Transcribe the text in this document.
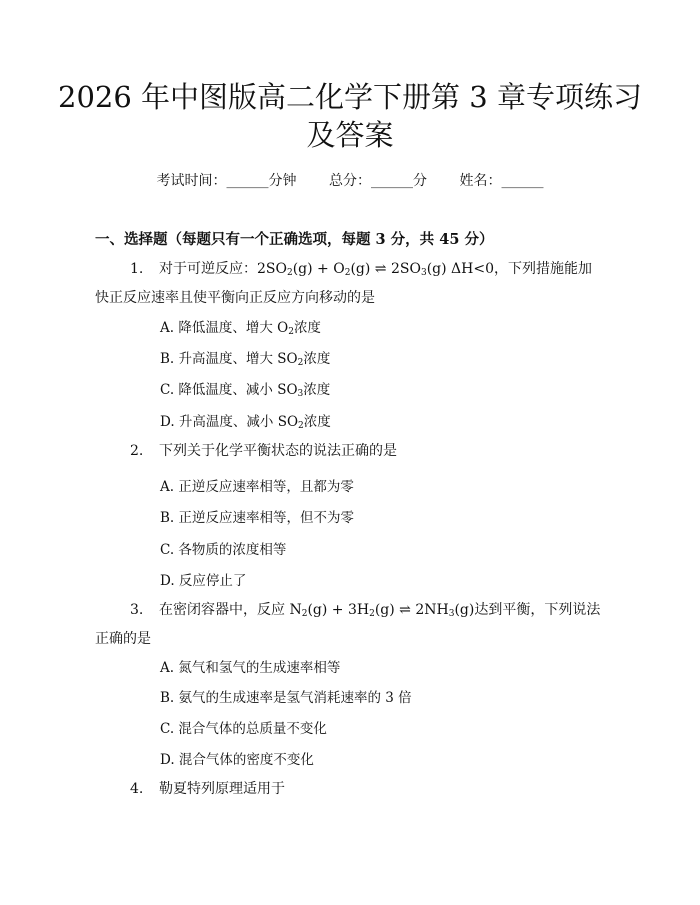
2026 年中图版高二化学下册第 3 章专项练习
及答案
考试时间：______分钟 总分：______分 姓名：______
一、选择题（每题只有一个正确选项，每题 3 分，共 45 分）
1. 对于可逆反应：$2SO_2(g) + O_2(g)$ ⇌ $2SO_3(g)$ ΔH<0，下列措施能加快正反应速率且使平衡向正反应方向移动的是
A. 降低温度、增大 $O_2$浓度
B. 升高温度、增大 $SO_2$浓度
C. 降低温度、减小 $SO_3$浓度
D. 升高温度、减小 $SO_2$浓度
2. 下列关于化学平衡状态的说法正确的是
A. 正逆反应速率相等，且都为零
B. 正逆反应速率相等，但不为零
C. 各物质的浓度相等
D. 反应停止了
3. 在密闭容器中，反应 $N_2(g) + 3H_2(g)$ ⇌ $2NH_3(g)$达到平衡，下列说法正确的是
A. 氮气和氢气的生成速率相等
B. 氨气的生成速率是氢气消耗速率的 3 倍
C. 混合气体的总质量不变化
D. 混合气体的密度不变化
4. 勒夏特列原理适用于
